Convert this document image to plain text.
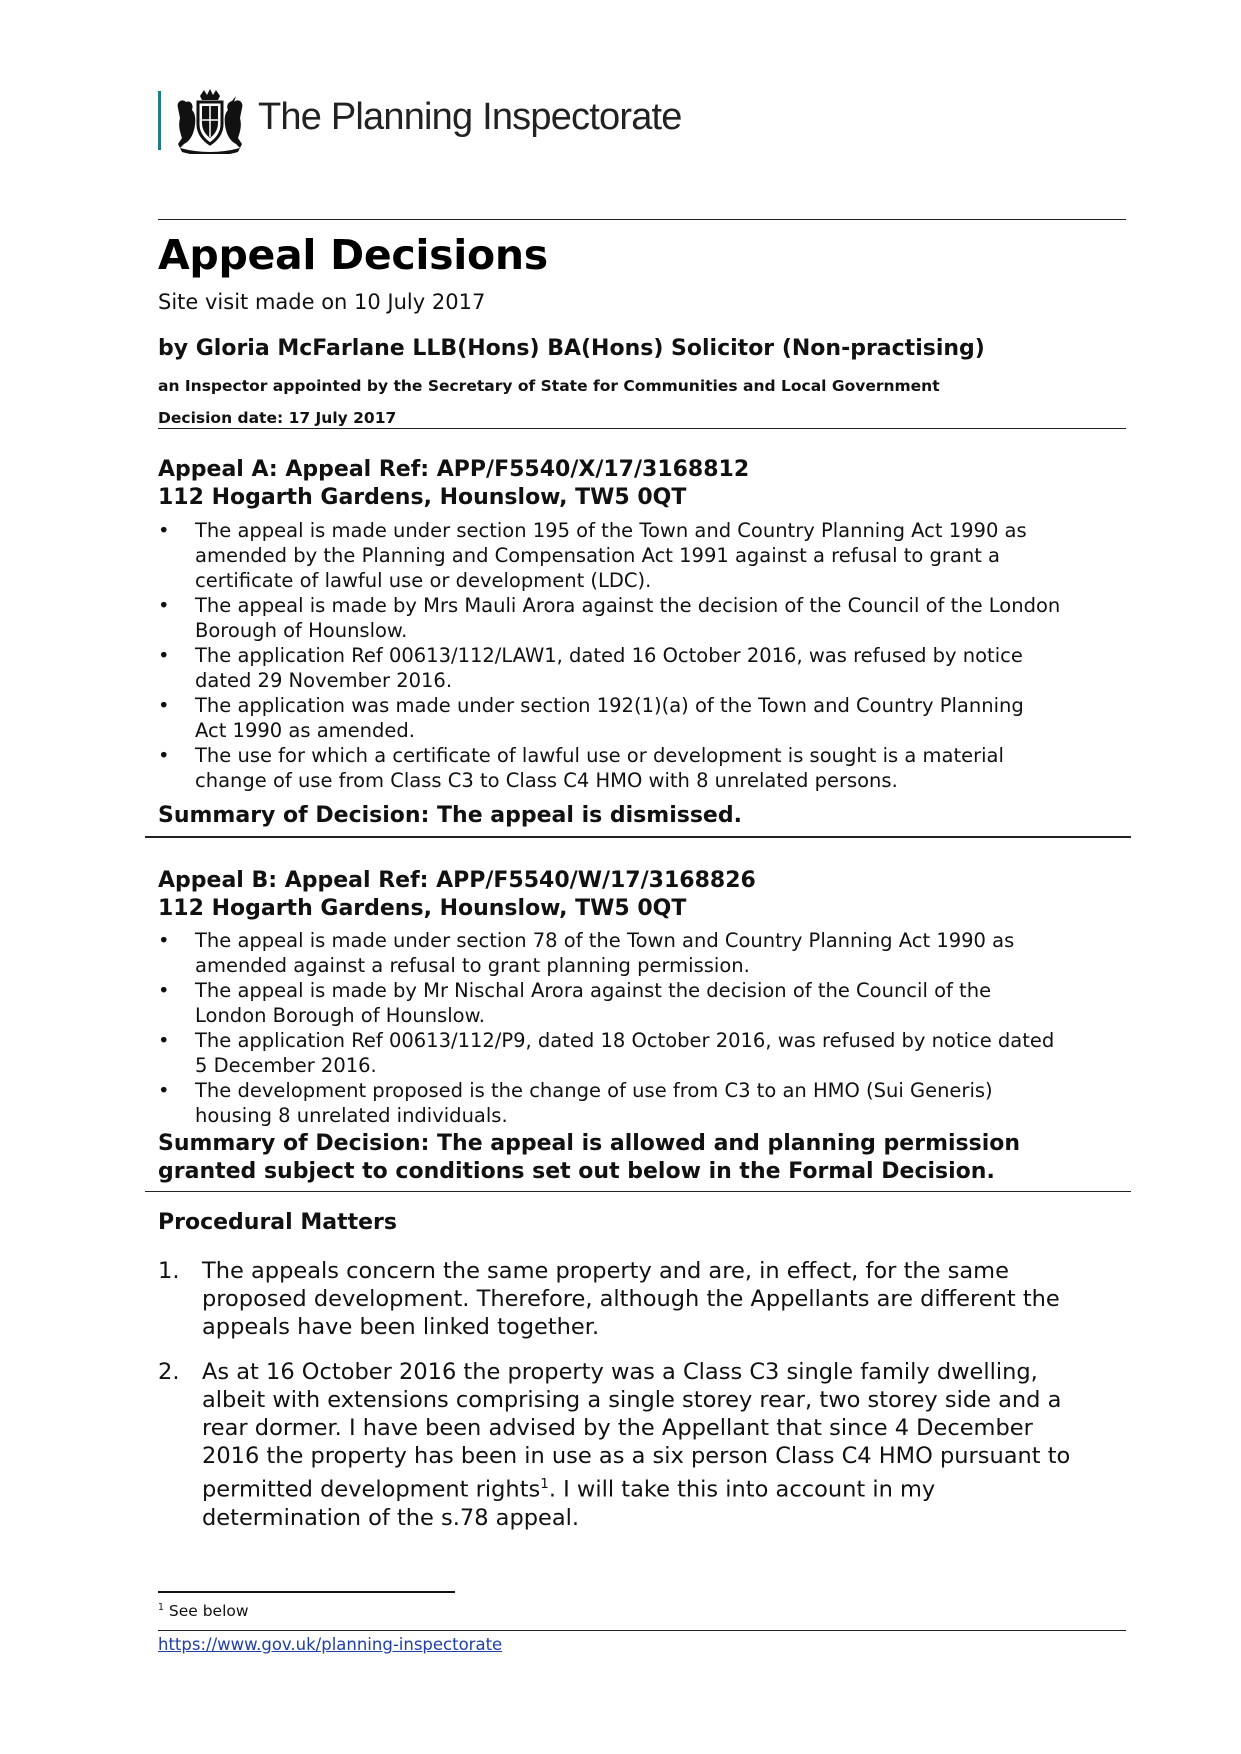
The Planning Inspectorate
Appeal Decisions
Site visit made on 10 July 2017
by Gloria McFarlane LLB(Hons) BA(Hons) Solicitor (Non-practising)
an Inspector appointed by the Secretary of State for Communities and Local Government
Decision date: 17 July 2017
Appeal A: Appeal Ref: APP/F5540/X/17/3168812
112 Hogarth Gardens, Hounslow, TW5 0QT
• The appeal is made under section 195 of the Town and Country Planning Act 1990 as
amended by the Planning and Compensation Act 1991 against a refusal to grant a
certificate of lawful use or development (LDC).
• The appeal is made by Mrs Mauli Arora against the decision of the Council of the London
Borough of Hounslow.
• The application Ref 00613/112/LAW1, dated 16 October 2016, was refused by notice
dated 29 November 2016.
• The application was made under section 192(1)(a) of the Town and Country Planning
Act 1990 as amended.
• The use for which a certificate of lawful use or development is sought is a material
change of use from Class C3 to Class C4 HMO with 8 unrelated persons.
Summary of Decision: The appeal is dismissed.
Appeal B: Appeal Ref: APP/F5540/W/17/3168826
112 Hogarth Gardens, Hounslow, TW5 0QT
• The appeal is made under section 78 of the Town and Country Planning Act 1990 as
amended against a refusal to grant planning permission.
• The appeal is made by Mr Nischal Arora against the decision of the Council of the
London Borough of Hounslow.
• The application Ref 00613/112/P9, dated 18 October 2016, was refused by notice dated
5 December 2016.
• The development proposed is the change of use from C3 to an HMO (Sui Generis)
housing 8 unrelated individuals.
Summary of Decision: The appeal is allowed and planning permission
granted subject to conditions set out below in the Formal Decision.
Procedural Matters
1. The appeals concern the same property and are, in effect, for the same
proposed development. Therefore, although the Appellants are different the
appeals have been linked together.
2. As at 16 October 2016 the property was a Class C3 single family dwelling,
albeit with extensions comprising a single storey rear, two storey side and a
rear dormer. I have been advised by the Appellant that since 4 December
2016 the property has been in use as a six person Class C4 HMO pursuant to
permitted development rights$^1$. I will take this into account in my
determination of the s.78 appeal.
$^1$ See below
https://www.gov.uk/planning-inspectorate
